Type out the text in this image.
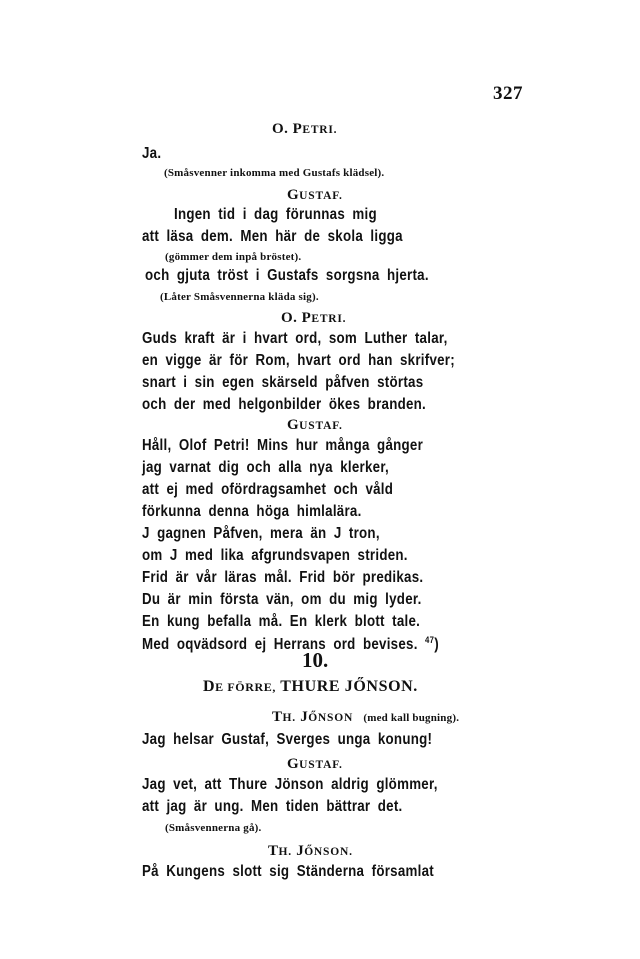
327
O. PETRI.
Ja.
(Småsvenner inkomma med Gustafs klädsel).
GUSTAF.
Ingen tid i dag förunnas mig
att läsa dem. Men här de skola ligga
(gömmer dem inpå bröstet).
och gjuta tröst i Gustafs sorgsna hjerta.
(Låter Småsvennerna kläda sig).
O. PETRI.
Guds kraft är i hvart ord, som Luther talar,
en vigge är för Rom, hvart ord han skrifver;
snart i sin egen skärseld påfven störtas
och der med helgonbilder ökes branden.
GUSTAF.
Håll, Olof Petri! Mins hur många gånger
jag varnat dig och alla nya klerker,
att ej med ofördragsamhet och våld
förkunna denna höga himlalära.
J gagnen Påfven, mera än J tron,
om J med lika afgrundsvapen striden.
Frid är vår läras mål. Frid bör predikas.
Du är min första vän, om du mig lyder.
En kung befalla må. En klerk blott tale.
Med oqvädsord ej Herrans ord bevises. $^{47}$)
10.
DE FÖRRE, THURE JŐNSON.
TH. JŐNSON (med kall bugning).
Jag helsar Gustaf, Sverges unga konung!
GUSTAF.
Jag vet, att Thure Jönson aldrig glömmer,
att jag är ung. Men tiden bättrar det.
(Småsvennerna gå).
TH. JŐNSON.
På Kungens slott sig Ständerna församlat
